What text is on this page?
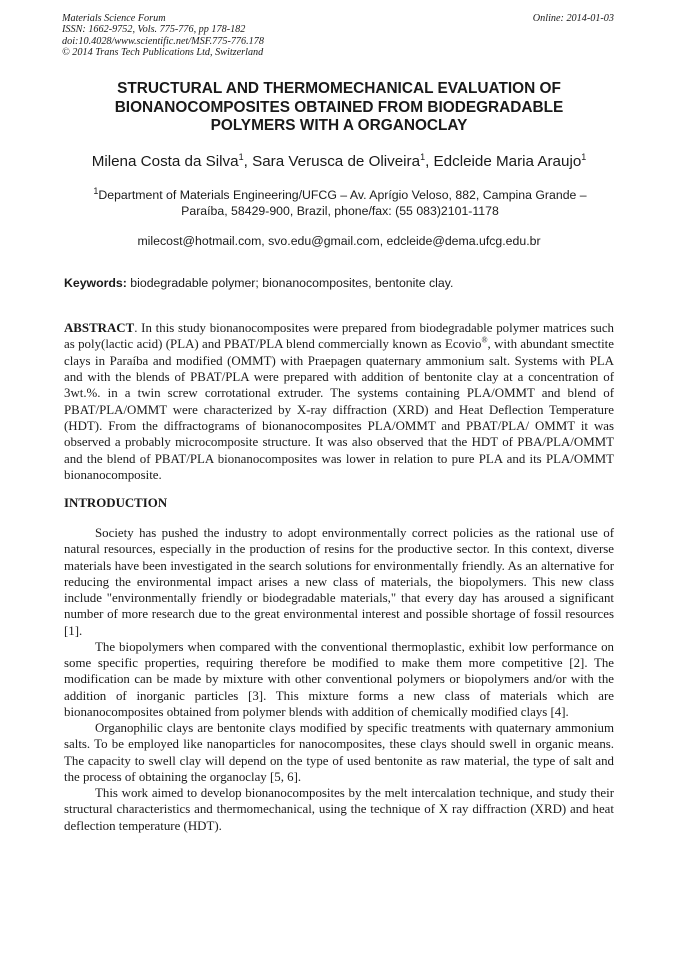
Materials Science Forum
ISSN: 1662-9752, Vols. 775-776, pp 178-182
doi:10.4028/www.scientific.net/MSF.775-776.178
© 2014 Trans Tech Publications Ltd, Switzerland
Online: 2014-01-03
STRUCTURAL AND THERMOMECHANICAL EVALUATION OF
BIONANOCOMPOSITES OBTAINED FROM BIODEGRADABLE
POLYMERS WITH A ORGANOCLAY
Milena Costa da Silva$^1$, Sara Verusca de Oliveira$^1$, Edcleide Maria Araujo$^1$
$^1$Department of Materials Engineering/UFCG – Av. Aprígio Veloso, 882, Campina Grande –
Paraíba, 58429-900, Brazil, phone/fax: (55 083)2101-1178
milecost@hotmail.com, svo.edu@gmail.com, edcleide@dema.ufcg.edu.br
Keywords: biodegradable polymer; bionanocomposites, bentonite clay.

ABSTRACT. In this study bionanocomposites were prepared from biodegradable polymer matrices such as poly(lactic acid) (PLA) and PBAT/PLA blend commercially known as Ecovio®, with abundant smectite clays in Paraíba and modified (OMMT) with Praepagen quaternary ammonium salt. Systems with PLA and with the blends of PBAT/PLA were prepared with addition of bentonite clay at a concentration of 3wt.%. in a twin screw corrotational extruder. The systems containing PLA/OMMT and blend of PBAT/PLA/OMMT were characterized by X-ray diffraction (XRD) and Heat Deflection Temperature (HDT). From the diffractograms of bionanocomposites PLA/OMMT and PBAT/PLA/ OMMT it was observed a probably microcomposite structure. It was also observed that the HDT of PBA/PLA/OMMT and the blend of PBAT/PLA bionanocomposites was lower in relation to pure PLA and its PLA/OMMT bionanocomposite.

INTRODUCTION

Society has pushed the industry to adopt environmentally correct policies as the rational use of natural resources, especially in the production of resins for the productive sector. In this context, diverse materials have been investigated in the search solutions for environmentally friendly. As an alternative for reducing the environmental impact arises a new class of materials, the biopolymers. This new class include "environmentally friendly or biodegradable materials," that every day has aroused a significant number of more research due to the great environmental interest and possible shortage of fossil resources [1].

The biopolymers when compared with the conventional thermoplastic, exhibit low performance on some specific properties, requiring therefore be modified to make them more competitive [2]. The modification can be made by mixture with other conventional polymers or biopolymers and/or with the addition of inorganic particles [3]. This mixture forms a new class of materials which are bionanocomposites obtained from polymer blends with addition of chemically modified clays [4].

Organophilic clays are bentonite clays modified by specific treatments with quaternary ammonium salts. To be employed like nanoparticles for nanocomposites, these clays should swell in organic means. The capacity to swell clay will depend on the type of used bentonite as raw material, the type of salt and the process of obtaining the organoclay [5, 6].

This work aimed to develop bionanocomposites by the melt intercalation technique, and study their structural characteristics and thermomechanical, using the technique of X ray diffraction (XRD) and heat deflection temperature (HDT).
